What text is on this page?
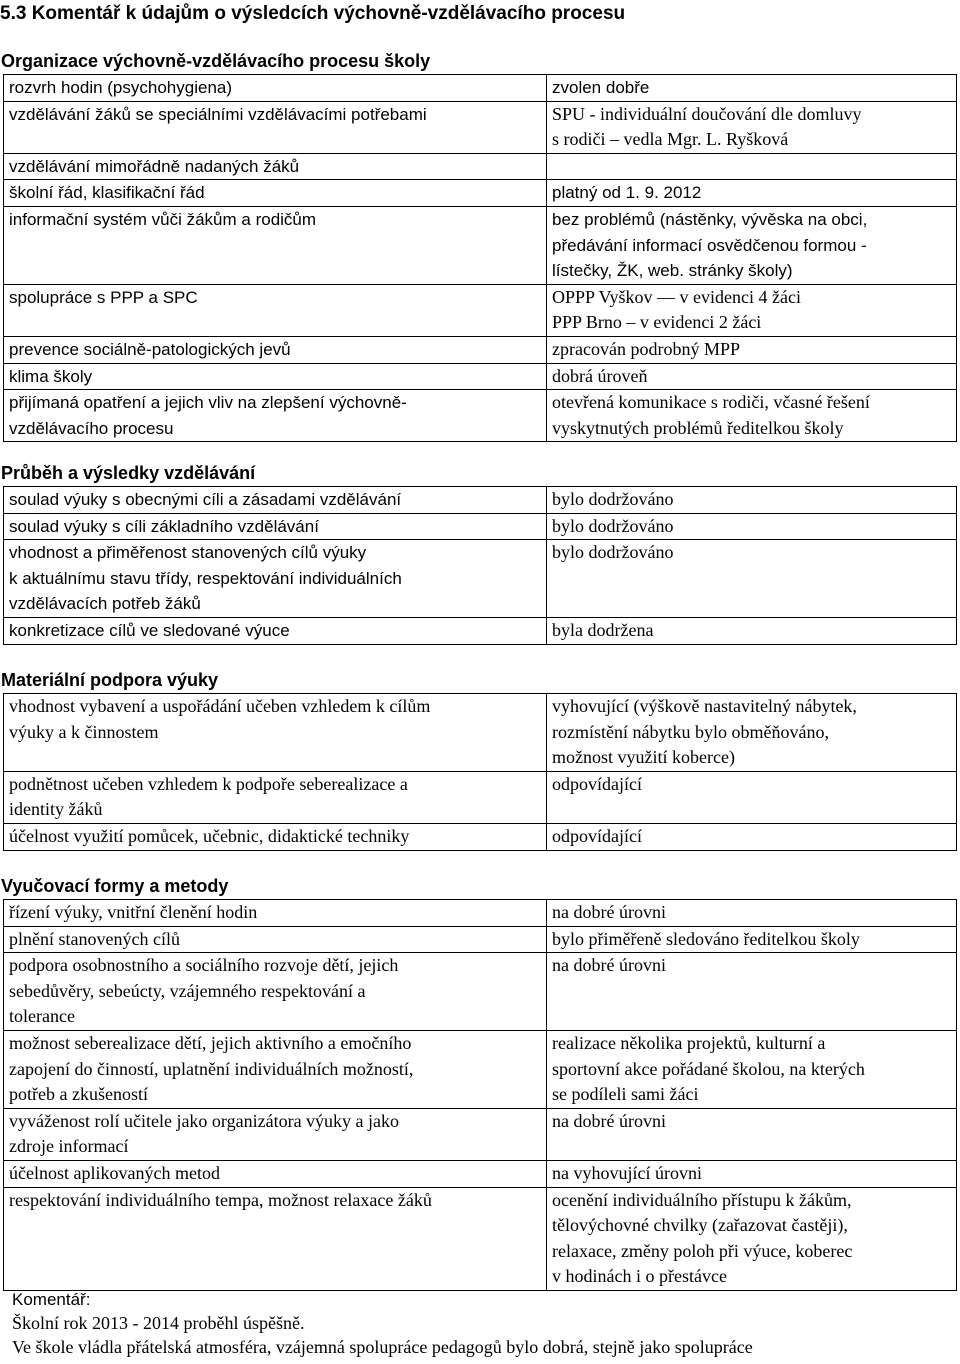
5.3 Komentář k údajům o výsledcích výchovně-vzdělávacího procesu
Organizace výchovně-vzdělávacího procesu školy
rozvrh hodin (psychohygiena)	zvolen dobře
vzdělávání žáků se speciálními vzdělávacími potřebami	SPU - individuální doučování dle domluvy
s rodiči – vedla Mgr. L. Ryšková

vzdělávání mimořádně nadaných žáků	
školní řád, klasifikační řád	platný od 1. 9. 2012
informační systém vůči žákům a rodičům	bez problémů (nástěnky, vývěska na obci,
předávání informací osvědčenou formou -
lístečky, ŽK, web. stránky školy)

spolupráce s PPP a SPC	OPPP Vyškov — v evidenci 4 žáci
PPP Brno – v evidenci 2 žáci

prevence sociálně-patologických jevů	zpracován podrobný MPP
klima školy	dobrá úroveň

přijímaná opatření a jejich vliv na zlepšení výchovně-
vzdělávacího procesu	otevřená komunikace s rodiči, včasné řešení
vyskytnutých problémů ředitelkou školy
Průběh a výsledky vzdělávání
soulad výuky s obecnými cíli a zásadami vzdělávání	bylo dodržováno
soulad výuky s cíli základního vzdělávání	bylo dodržováno

vhodnost a přiměřenost stanovených cílů výuky
k aktuálnímu stavu třídy, respektování individuálních
vzdělávacích potřeb žáků	bylo dodržováno
konkretizace cílů ve sledované výuce	byla dodržena
Materiální podpora výuky
vhodnost vybavení a uspořádání učeben vzhledem k cílům
výuky a k činnostem	vyhovující (výškově nastavitelný nábytek,
rozmístění nábytku bylo obměňováno,
možnost využití koberce)

podnětnost učeben vzhledem k podpoře seberealizace a
identity žáků	odpovídající
účelnost využití pomůcek, učebnic, didaktické techniky	odpovídající
Vyučovací formy a metody
řízení výuky, vnitřní členění hodin	na dobré úrovni
plnění stanovených cílů	bylo přiměřeně sledováno ředitelkou školy

podpora osobnostního a sociálního rozvoje dětí, jejich
sebedůvěry, sebeúcty, vzájemného respektování a
tolerance	na dobré úrovni

možnost seberealizace dětí, jejich aktivního a emočního
zapojení do činností, uplatnění individuálních možností,
potřeb a zkušeností	realizace několika projektů, kulturní a
sportovní akce pořádané školou, na kterých
se podíleli sami žáci

vyváženost rolí učitele jako organizátora výuky a jako
zdroje informací	na dobré úrovni
účelnost aplikovaných metod	na vyhovující úrovni
respektování individuálního tempa, možnost relaxace žáků	ocenění individuálního přístupu k žákům,
tělovýchovné chvilky (zařazovat častěji),
relaxace, změny poloh při výuce, koberec
v hodinách i o přestávce
Komentář:
Školní rok 2013 - 2014 proběhl úspěšně.
Ve škole vládla přátelská atmosféra, vzájemná spolupráce pedagogů bylo dobrá, stejně jako spolupráce
